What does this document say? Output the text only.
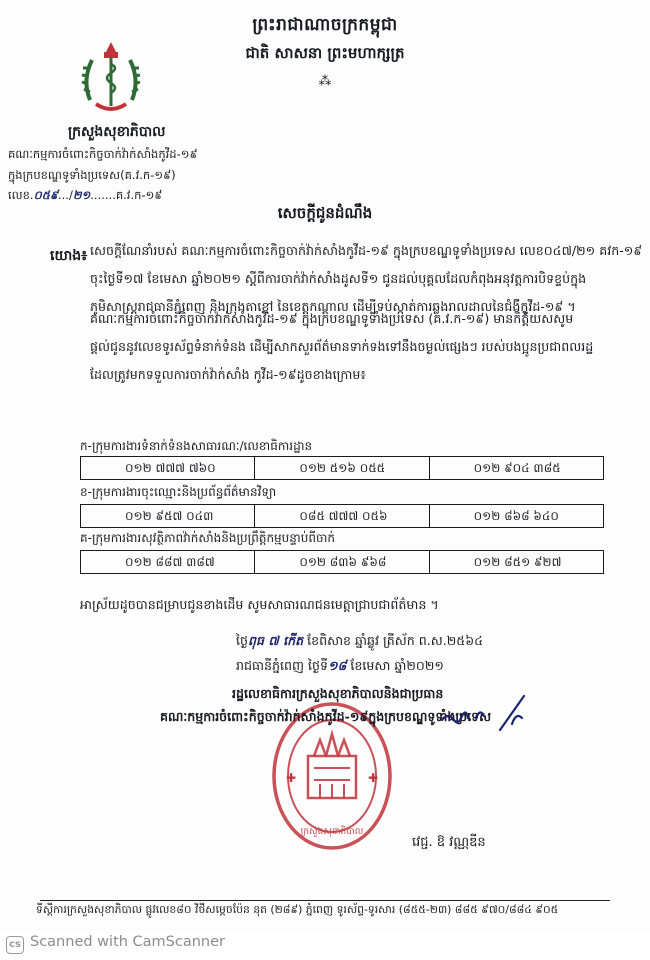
ព្រះរាជាណាចក្រកម្ពុជា
ជាតិ សាសនា ព្រះមហាក្សត្រ
⁂
ក្រសួងសុខាភិបាល
គណៈកម្មការចំពោះកិច្ចចាក់វ៉ាក់សាំងកូវីដ-១៩
ក្នុងក្របខណ្ឌទូទាំងប្រទេស(គ.វ.ក-១៩)
លេខ.០៥៩.../២១.......គ.វ.ក-១៩
សេចក្ដីជូនដំណឹង
យោង៖ សេចក្ដីណែនាំរបស់ គណៈកម្មការចំពោះកិច្ចចាក់វ៉ាក់សាំងកូវីដ-១៩ ក្នុងក្របខណ្ឌទូទាំងប្រទេស លេខ០៤៧/២១ គវក-១៩
ចុះថ្ងៃទី១៧ ខែមេសា ឆ្នាំ២០២១ ស្ដីពីការចាក់វ៉ាក់សាំងដូសទី១ ជូនដល់បុគ្គលដែលកំពុងអនុវត្តការបិទខ្ទប់ក្នុង
ភូមិសាស្ត្ររាជធានីភ្នំពេញ និងក្រុងតាខ្មៅ នៃខេត្តកណ្ដាល ដើម្បីទប់ស្កាត់ការឆ្លងរាលដាលនៃជំងឺកូវីដ-១៩ ។
គណៈកម្មការចំពោះកិច្ចចាក់វ៉ាក់សាំងកូវីដ-១៩ ក្នុងក្របខណ្ឌទូទាំងប្រទេស (គ.វ.ក-១៩) មានកិត្តិយសសូម
ផ្ដល់ជូននូវលេខទូរស័ព្ទទំនាក់ទំនង ដើម្បីសាកសួរព័ត៌មានទាក់ទងទៅនឹងចម្ងល់ផ្សេងៗ របស់បងប្អូនប្រជាពលរដ្ឋ
ដែលត្រូវមកទទួលការចាក់វ៉ាក់សាំង កូវីដ-១៩ដូចខាងក្រោម៖
ក-ក្រុមការងារទំនាក់ទំនងសាធារណៈ/លេខាធិការដ្ឋាន
០១២ ៧៧៧ ៧៦០	០១២ ៥១៦ ០៥៥	០១២ ៩០៤ ៣៨៥
ខ-ក្រុមការងារចុះឈ្មោះនិងប្រព័ន្ធព័ត៌មានវិទ្យា
០១២ ៩៥៧ ០៤៣	០៨៥ ៧៧៧ ០៥៦	០១២ ៨៦៨ ៦៤០
គ-ក្រុមការងារសុវត្ថិភាពវ៉ាក់សាំងនិងប្រព្រឹត្តិកម្មបន្ទាប់ពីចាក់
០១២ ៨៨៧ ៣៨៧	០១២ ៨៣៦ ៩៦៨	០១២ ៨៥១ ៩២៧
អាស្រ័យដូចបានជម្រាបជូនខាងដើម សូមសាធារណជនមេត្តាជ្រាបជាព័ត៌មាន ។
ថ្ងៃពុធ ៧ កើត ខែពិសាខ ឆ្នាំឆ្លូវ ត្រីស័ក ព.ស.២៥៦៤
រាជធានីភ្នំពេញ ថ្ងៃទី១៨ ខែមេសា ឆ្នាំ២០២១
✚	✚
ក្រសួងសុខាភិបាល
រដ្ឋលេខាធិការក្រសួងសុខាភិបាលនិងជាប្រធាន
គណៈកម្មការចំពោះកិច្ចចាក់វ៉ាក់សាំងកូវីដ-១៩ក្នុងក្របខណ្ឌទូទាំងប្រទេស
វេជ្ជ. ឱ វណ្ណឌីន
ទីស្ដីការក្រសួងសុខាភិបាល ផ្លូវលេខ៨០ វិថីសម្ដេចប៉ែន នុត (២៨៩) ភ្នំពេញ ទូរស័ព្ទ-ទូរសារ (៨៥៥-២៣) ៨៨៥ ៩៧០/៨៨៤ ៩០៥
cs Scanned with CamScanner
